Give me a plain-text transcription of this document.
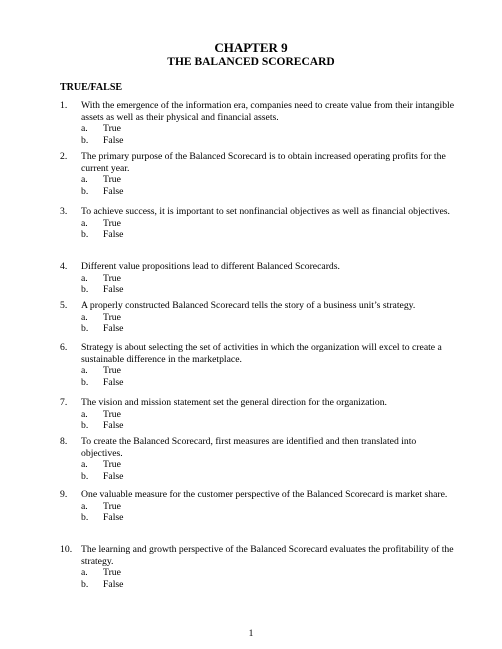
CHAPTER 9
THE BALANCED SCORECARD

TRUE/FALSE

1.	With the emergence of the information era, companies need to create value from their intangible assets as well as their physical and financial assets.
a. True
b. False
2.	The primary purpose of the Balanced Scorecard is to obtain increased operating profits for the current year.
a. True
b. False
3.	To achieve success, it is important to set nonfinancial objectives as well as financial objectives.
a. True
b. False
4.	Different value propositions lead to different Balanced Scorecards.
a. True
b. False
5.	A properly constructed Balanced Scorecard tells the story of a business unit’s strategy.
a. True
b. False
6.	Strategy is about selecting the set of activities in which the organization will excel to create a sustainable difference in the marketplace.
a. True
b. False
7.	The vision and mission statement set the general direction for the organization.
a. True
b. False
8.	To create the Balanced Scorecard, first measures are identified and then translated into objectives.
a. True
b. False
9.	One valuable measure for the customer perspective of the Balanced Scorecard is market share.
a. True
b. False
10. The learning and growth perspective of the Balanced Scorecard evaluates the profitability of the strategy.
a. True
b. False

1
